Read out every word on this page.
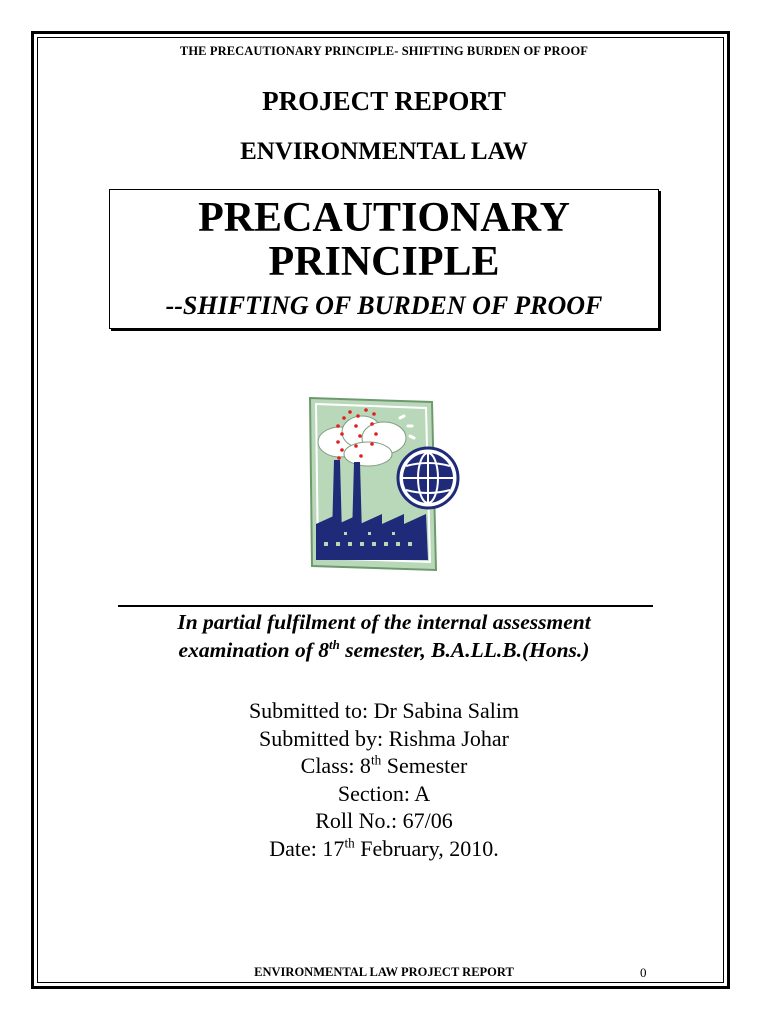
THE PRECAUTIONARY PRINCIPLE- SHIFTING BURDEN OF PROOF
PROJECT REPORT
ENVIRONMENTAL LAW
PRECAUTIONARY
PRINCIPLE
--SHIFTING OF BURDEN OF PROOF
In partial fulfilment of the internal assessment
examination of 8th semester, B.A.LL.B.(Hons.)
Submitted to: Dr Sabina Salim
Submitted by: Rishma Johar
Class: 8th Semester
Section: A
Roll No.: 67/06
Date: 17th February, 2010.
ENVIRONMENTAL LAW PROJECT REPORT	0
